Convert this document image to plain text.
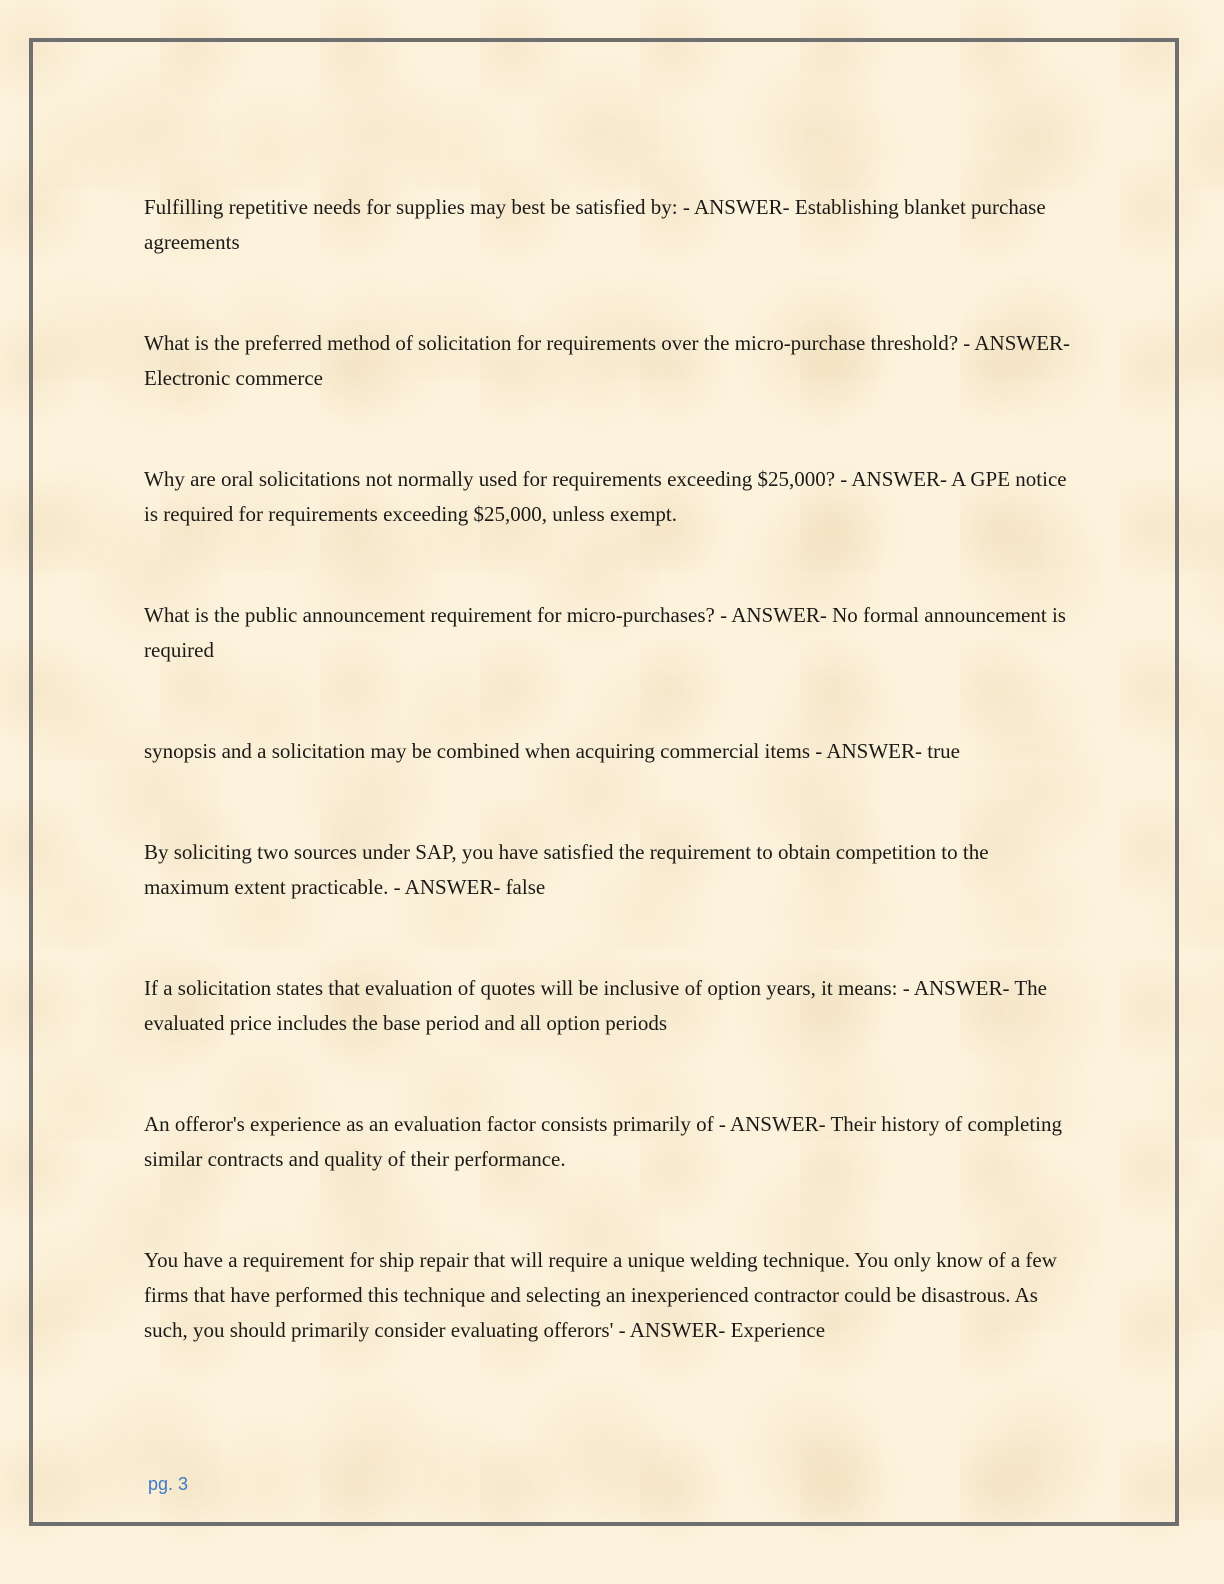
Fulfilling repetitive needs for supplies may best be satisfied by: - ANSWER- Establishing blanket purchase agreements
What is the preferred method of solicitation for requirements over the micro-purchase threshold? - ANSWER- Electronic commerce
Why are oral solicitations not normally used for requirements exceeding $25,000? - ANSWER- A GPE notice is required for requirements exceeding $25,000, unless exempt.
What is the public announcement requirement for micro-purchases? - ANSWER- No formal announcement is required
synopsis and a solicitation may be combined when acquiring commercial items - ANSWER- true
By soliciting two sources under SAP, you have satisfied the requirement to obtain competition to the maximum extent practicable. - ANSWER- false
If a solicitation states that evaluation of quotes will be inclusive of option years, it means: - ANSWER- The evaluated price includes the base period and all option periods
An offeror's experience as an evaluation factor consists primarily of - ANSWER- Their history of completing similar contracts and quality of their performance.
You have a requirement for ship repair that will require a unique welding technique. You only know of a few firms that have performed this technique and selecting an inexperienced contractor could be disastrous. As such, you should primarily consider evaluating offerors' - ANSWER- Experience
pg. 3
